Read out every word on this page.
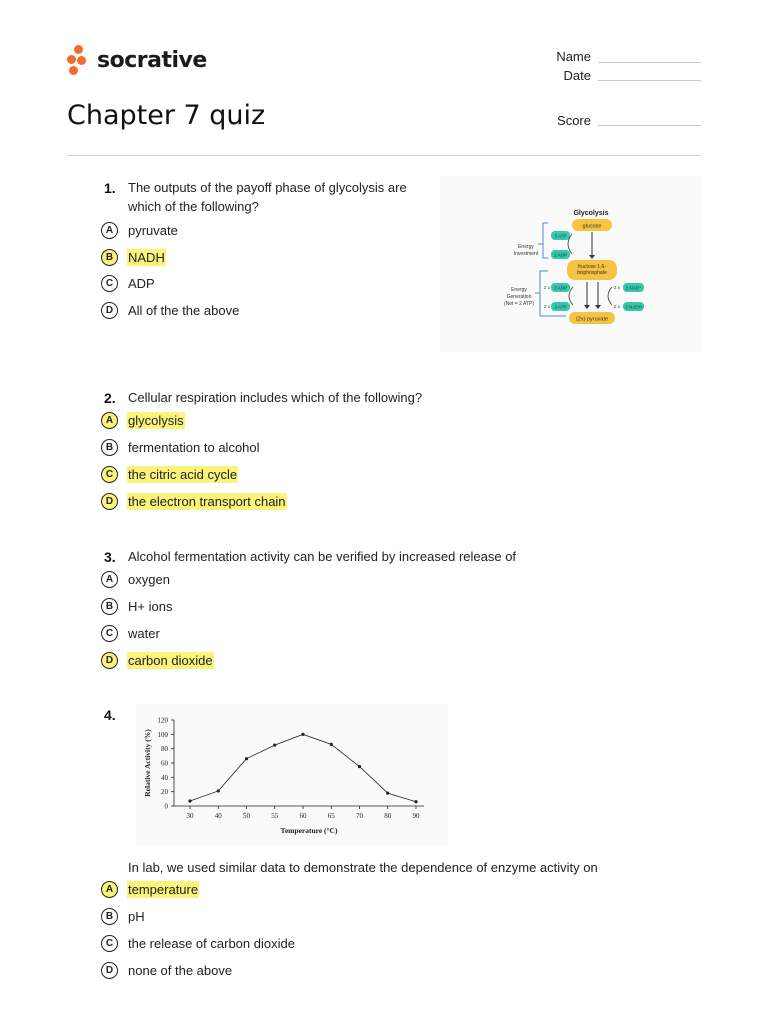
socrative
Chapter 7 quiz
Name
Date
Score
1. The outputs of the payoff phase of glycolysis are which of the following?
A	pyruvate
B	NADH
C	ADP
D	All of the the above
Glycolysis
glucose
fructose 1,6-bisphosphate
(2x) pyruvate
Energy Investment
2 ATP
2 ADP
Energy Generation (Net = 2 ATP)
2 x 2 ADP
2 x 2 ATP
2 x 2 NAD⁺
2 x 2 NADH
2. Cellular respiration includes which of the following?
A	glycolysis
B	fermentation to alcohol
C	the citric acid cycle
D	the electron transport chain
3. Alcohol fermentation activity can be verified by increased release of
A	oxygen
B	H+ ions
C	water
D	carbon dioxide
4.
0
20
40
60
80
100
120
30	40	50	55	60	65	70	80	90
Temperature (°C)
Relative Activity (%)
In lab, we used similar data to demonstrate the dependence of enzyme activity on
A	temperature
B	pH
C	the release of carbon dioxide
D	none of the above
